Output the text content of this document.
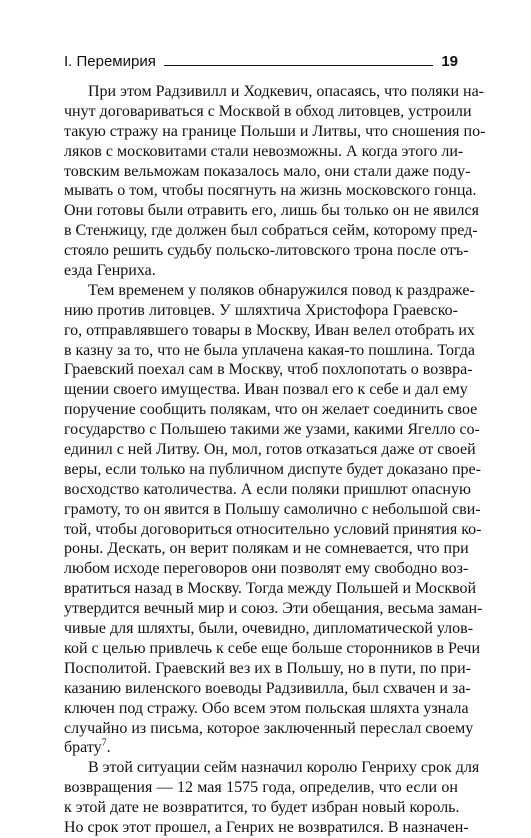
I. Перемирия	19
При этом Радзивилл и Ходкевич, опасаясь, что поляки на-
чнут договариваться с Москвой в обход литовцев, устроили
такую стражу на границе Польши и Литвы, что сношения по-
ляков с московитами стали невозможны. А когда этого ли-
товским вельможам показалось мало, они стали даже поду-
мывать о том, чтобы посягнуть на жизнь московского гонца.
Они готовы были отравить его, лишь бы только он не явился
в Стенжицу, где должен был собраться сейм, которому пред-
стояло решить судьбу польско-литовского трона после отъ-
езда Генриха.
Тем временем у поляков обнаружился повод к раздраже-
нию против литовцев. У шляхтича Христофора Граевско-
го, отправлявшего товары в Москву, Иван велел отобрать их
в казну за то, что не была уплачена какая-то пошлина. Тогда
Граевский поехал сам в Москву, чтоб похлопотать о возвра-
щении своего имущества. Иван позвал его к себе и дал ему
поручение сообщить полякам, что он желает соединить свое
государство с Польшею такими же узами, какими Ягелло со-
единил с ней Литву. Он, мол, готов отказаться даже от своей
веры, если только на публичном диспуте будет доказано пре-
восходство католичества. А если поляки пришлют опасную
грамоту, то он явится в Польшу самолично с небольшой сви-
той, чтобы договориться относительно условий принятия ко-
роны. Дескать, он верит полякам и не сомневается, что при
любом исходе переговоров они позволят ему свободно воз-
вратиться назад в Москву. Тогда между Польшей и Москвой
утвердится вечный мир и союз. Эти обещания, весьма заман-
чивые для шляхты, были, очевидно, дипломатической улов-
кой с целью привлечь к себе еще больше сторонников в Речи
Посполитой. Граевский вез их в Польшу, но в пути, по при-
казанию виленского воеводы Радзивилла, был схвачен и за-
ключен под стражу. Обо всем этом польская шляхта узнала
случайно из письма, которое заключенный переслал своему
брату$^7$.
В этой ситуации сейм назначил королю Генриху срок для
возвращения — 12 мая 1575 года, определив, что если он
к этой дате не возвратится, то будет избран новый король.
Но срок этот прошел, а Генрих не возвратился. В назначен-
